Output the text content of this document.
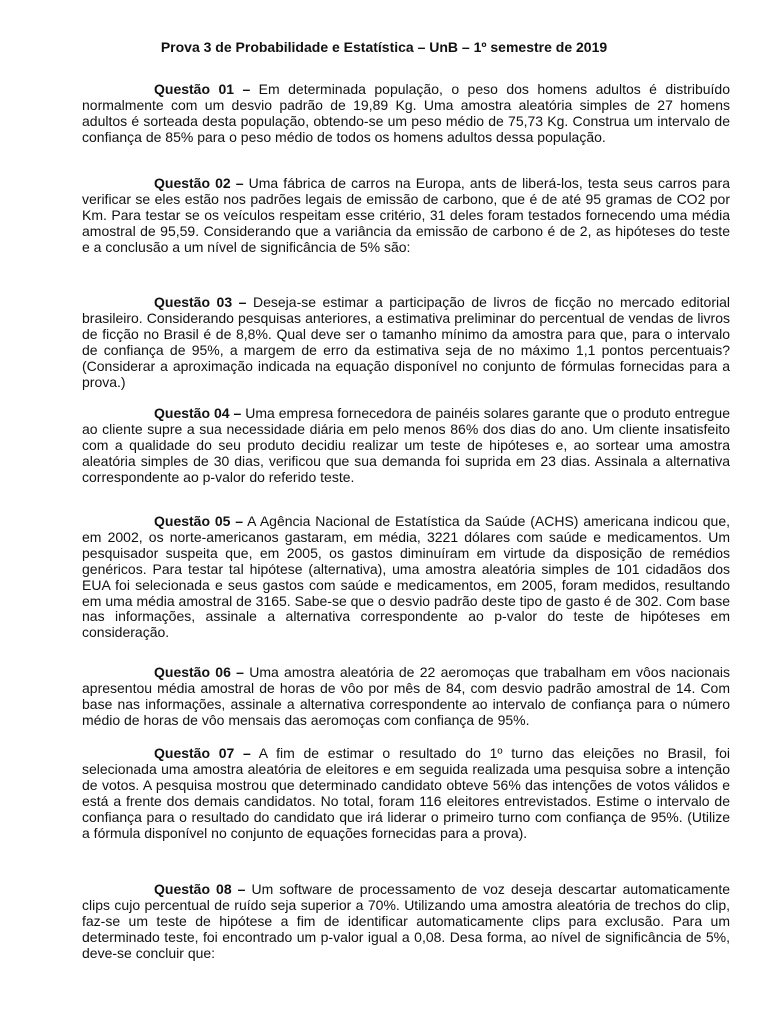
Prova 3 de Probabilidade e Estatística – UnB – 1º semestre de 2019

Questão 01 – Em determinada população, o peso dos homens adultos é distribuído normalmente com um desvio padrão de 19,89 Kg. Uma amostra aleatória simples de 27 homens adultos é sorteada desta população, obtendo-se um peso médio de 75,73 Kg. Construa um intervalo de confiança de 85% para o peso médio de todos os homens adultos dessa população.

Questão 02 – Uma fábrica de carros na Europa, ants de liberá-los, testa seus carros para verificar se eles estão nos padrões legais de emissão de carbono, que é de até 95 gramas de CO2 por Km. Para testar se os veículos respeitam esse critério, 31 deles foram testados fornecendo uma média amostral de 95,59. Considerando que a variância da emissão de carbono é de 2, as hipóteses do teste e a conclusão a um nível de significância de 5% são:

Questão 03 – Deseja-se estimar a participação de livros de ficção no mercado editorial brasileiro. Considerando pesquisas anteriores, a estimativa preliminar do percentual de vendas de livros de ficção no Brasil é de 8,8%. Qual deve ser o tamanho mínimo da amostra para que, para o intervalo de confiança de 95%, a margem de erro da estimativa seja de no máximo 1,1 pontos percentuais? (Considerar a aproximação indicada na equação disponível no conjunto de fórmulas fornecidas para a prova.)

Questão 04 – Uma empresa fornecedora de painéis solares garante que o produto entregue ao cliente supre a sua necessidade diária em pelo menos 86% dos dias do ano. Um cliente insatisfeito com a qualidade do seu produto decidiu realizar um teste de hipóteses e, ao sortear uma amostra aleatória simples de 30 dias, verificou que sua demanda foi suprida em 23 dias. Assinala a alternativa correspondente ao p-valor do referido teste.

Questão 05 – A Agência Nacional de Estatística da Saúde (ACHS) americana indicou que, em 2002, os norte-americanos gastaram, em média, 3221 dólares com saúde e medicamentos. Um pesquisador suspeita que, em 2005, os gastos diminuíram em virtude da disposição de remédios genéricos. Para testar tal hipótese (alternativa), uma amostra aleatória simples de 101 cidadãos dos EUA foi selecionada e seus gastos com saúde e medicamentos, em 2005, foram medidos, resultando em uma média amostral de 3165. Sabe-se que o desvio padrão deste tipo de gasto é de 302. Com base nas informações, assinale a alternativa correspondente ao p-valor do teste de hipóteses em consideração.

Questão 06 – Uma amostra aleatória de 22 aeromoças que trabalham em vôos nacionais apresentou média amostral de horas de vôo por mês de 84, com desvio padrão amostral de 14. Com base nas informações, assinale a alternativa correspondente ao intervalo de confiança para o número médio de horas de vôo mensais das aeromoças com confiança de 95%.

Questão 07 – A fim de estimar o resultado do 1º turno das eleições no Brasil, foi selecionada uma amostra aleatória de eleitores e em seguida realizada uma pesquisa sobre a intenção de votos. A pesquisa mostrou que determinado candidato obteve 56% das intenções de votos válidos e está a frente dos demais candidatos. No total, foram 116 eleitores entrevistados. Estime o intervalo de confiança para o resultado do candidato que irá liderar o primeiro turno com confiança de 95%. (Utilize a fórmula disponível no conjunto de equações fornecidas para a prova).

Questão 08 – Um software de processamento de voz deseja descartar automaticamente clips cujo percentual de ruído seja superior a 70%. Utilizando uma amostra aleatória de trechos do clip, faz-se um teste de hipótese a fim de identificar automaticamente clips para exclusão. Para um determinado teste, foi encontrado um p-valor igual a 0,08. Desa forma, ao nível de significância de 5%, deve-se concluir que:
